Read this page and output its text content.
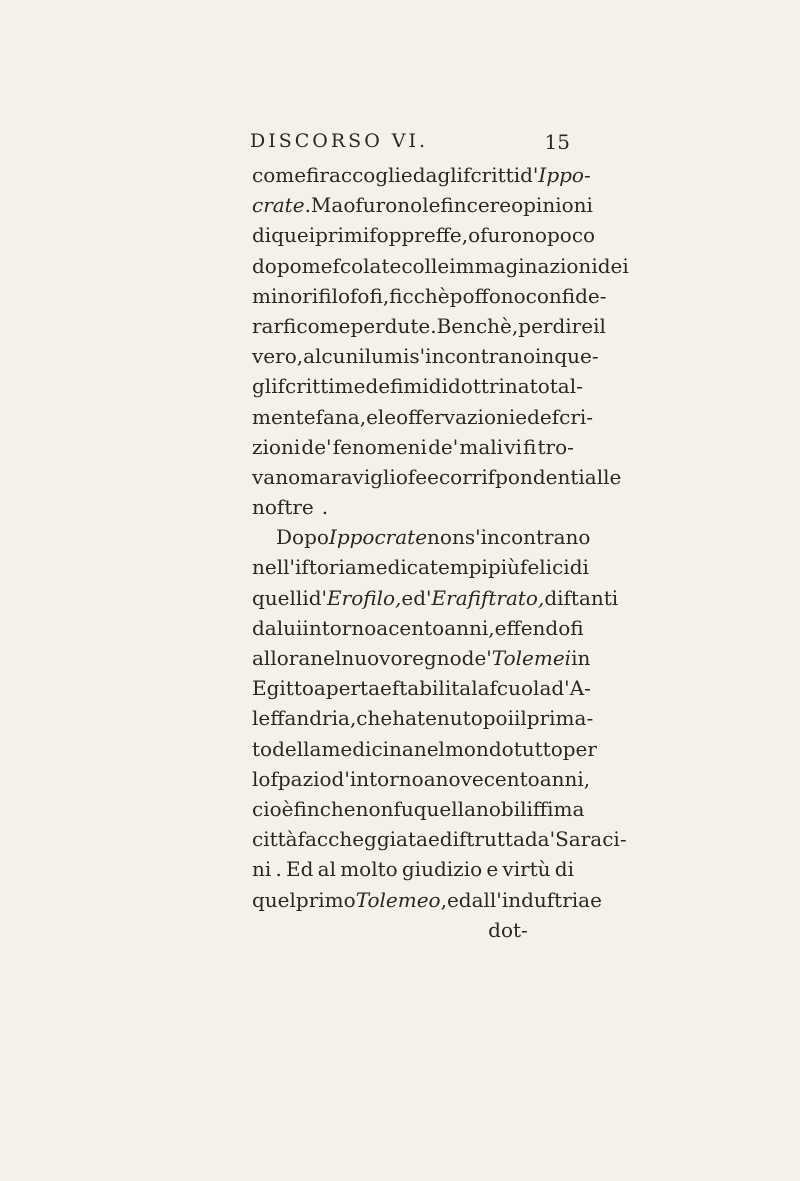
DISCORSO VI.	15
come fi raccoglie dagli fcritti d' Ippo-
crate . Ma o furono le fincere opinioni
di quei primi foppreffe , o furono poco
dopo mefcolate colle immaginazioni dei
minori filofofi , ficchè poffono confide-
rarfi come perdute. Benchè, per dire il
vero, alcuni lumi s'incontrano in que-
gli fcritti medefimi di dottrina total-
mente fana , e le offervazioni e defcri-
zioni de' fenomeni de' mali vi fi tro-
vano maravigliofe e corrifpondenti alle
noftre .
Dopo Ippocrate non s' incontrano
nell' iftoria medica tempi più felici di
quelli d' Erofilo, e d' Erafiftrato, diftanti
da lui intorno a cento anni , effendofi
allora nel nuovo regno de' Tolemei in
Egitto aperta e ftabilita la fcuola d' A-
leffandria , che ha tenuto poi il prima-
to della medicina nel mondo tutto per
lo fpazio d' intorno a novecento anni,
cioè fin che non fu quella nobiliffima
città faccheggiata e diftrutta da' Saraci-
ni . Ed al molto giudizio e virtù di
quel primo Tolemeo , ed all' induftria e
dot-
